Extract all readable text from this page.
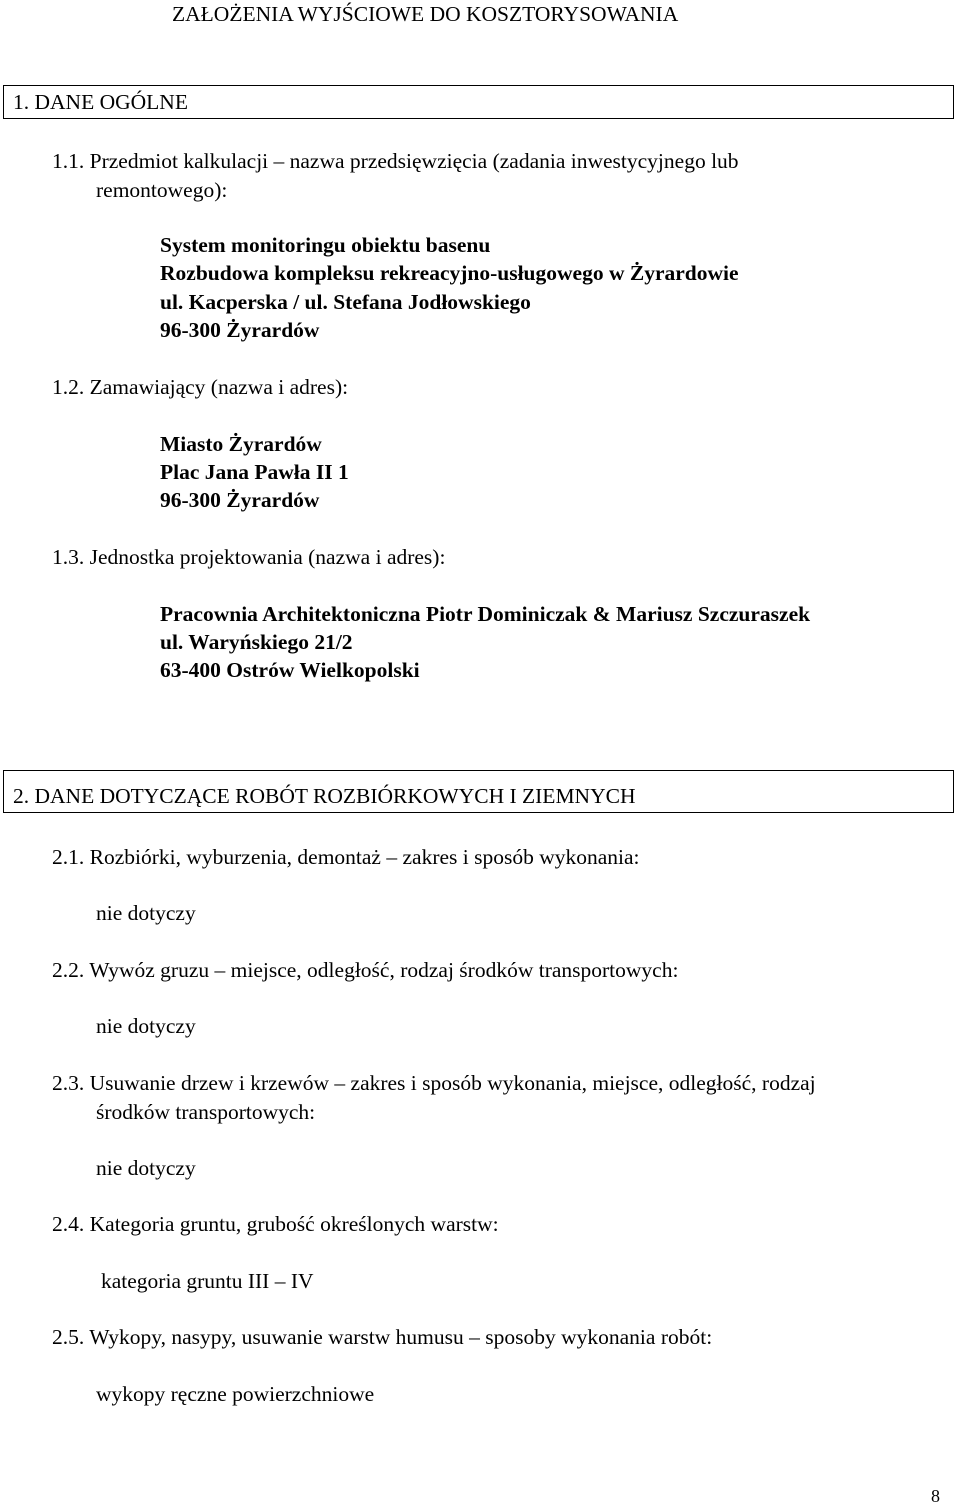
ZAŁOŻENIA WYJŚCIOWE DO KOSZTORYSOWANIA
1. DANE OGÓLNE
1.1. Przedmiot kalkulacji – nazwa przedsięwzięcia (zadania inwestycyjnego lub
remontowego):
System monitoringu obiektu basenu
Rozbudowa kompleksu rekreacyjno-usługowego w Żyrardowie
ul. Kacperska / ul. Stefana Jodłowskiego
96-300 Żyrardów
1.2. Zamawiający (nazwa i adres):
Miasto Żyrardów
Plac Jana Pawła II 1
96-300 Żyrardów
1.3. Jednostka projektowania (nazwa i adres):
Pracownia Architektoniczna Piotr Dominiczak & Mariusz Szczuraszek
ul. Waryńskiego 21/2
63-400 Ostrów Wielkopolski
2. DANE DOTYCZĄCE ROBÓT ROZBIÓRKOWYCH I ZIEMNYCH
2.1. Rozbiórki, wyburzenia, demontaż – zakres i sposób wykonania:
nie dotyczy
2.2. Wywóz gruzu – miejsce, odległość, rodzaj środków transportowych:
nie dotyczy
2.3. Usuwanie drzew i krzewów – zakres i sposób wykonania, miejsce, odległość, rodzaj
środków transportowych:
nie dotyczy
2.4. Kategoria gruntu, grubość określonych warstw:
kategoria gruntu III – IV
2.5. Wykopy, nasypy, usuwanie warstw humusu – sposoby wykonania robót:
wykopy ręczne powierzchniowe
8
